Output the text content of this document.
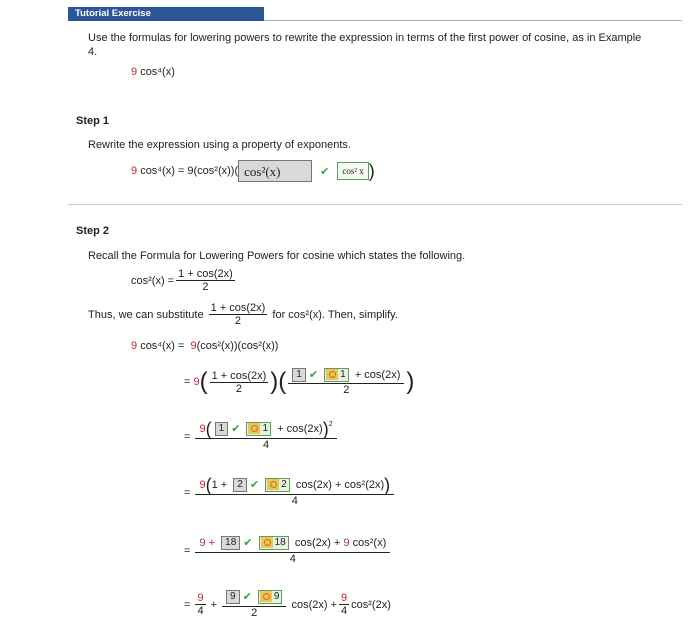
Tutorial Exercise
Use the formulas for lowering powers to rewrite the expression in terms of the first power of cosine, as in Example 4.
9 cos⁴(x)
Step 1
Rewrite the expression using a property of exponents.
9
cos⁴(x) =
9(cos²(x))( cos²(x)	✔	cos² x )
Step 2
Recall the Formula for Lowering Powers for cosine which states the following.
$\cos^2(x) = \frac{1 + \cos(2x)}{2}$
Thus, we can substitute
$\frac{1 + \cos(2x)}{2}$
for cos²(x). Then, simplify.
9 cos⁴(x) =  9(cos²(x))(cos²(x))
= 9 ( $\frac{1 + \cos(2x)}{2}$ ) ( $\frac{1 ✔ 1 + \cos(2x)}{2}$ )
= $\frac{9( 1 ✔ 1 + \cos(2x))^2}{4}$
= $\frac{\text{9(1 + 2 ✔ 2 cos(2x) + cos²(2x))}}{4}$
= $\frac{\text{9 + 18 ✔ 18 cos(2x) + 9 cos²(x)}}{4}$
= $\frac{9}{4} + \frac{9 ✔ 9}{2}$
$\cos(2x) + \frac{9}{4} \cos^2(2x)$
